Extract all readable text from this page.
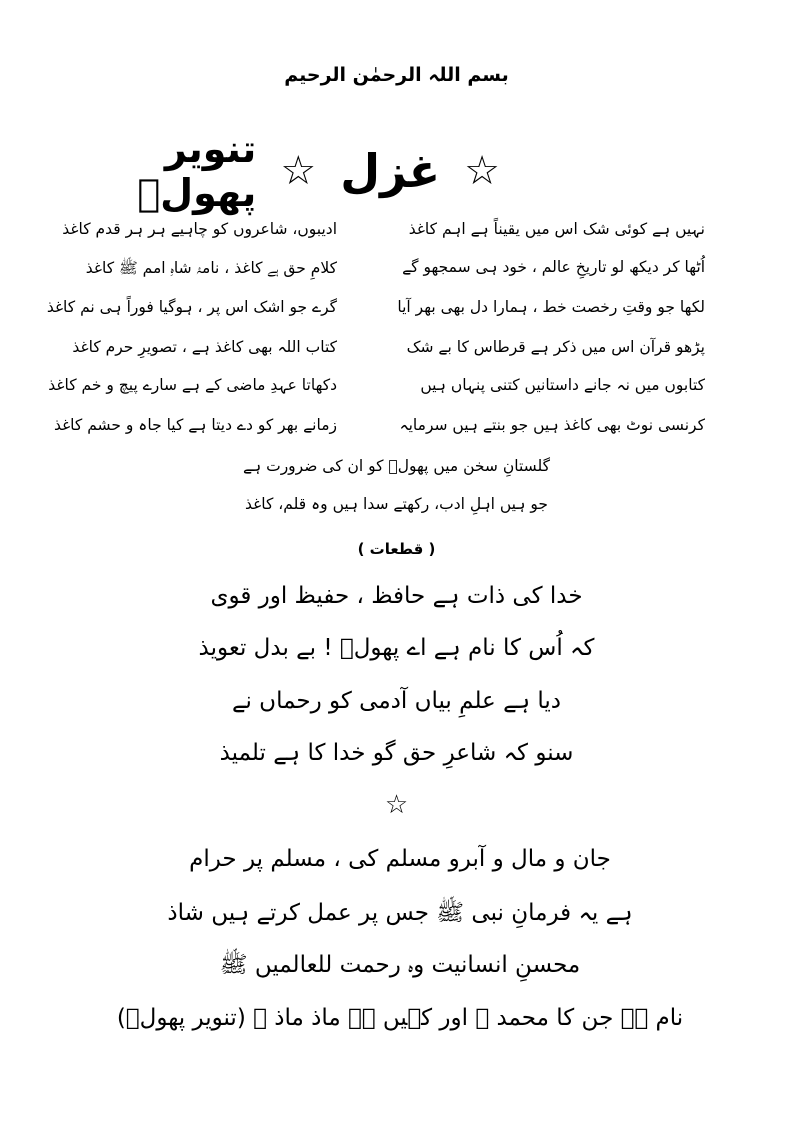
بسم اللہ الرحمٰن الرحیم
☆
غزل
☆
تنویر پھولؔ
نہیں ہے کوئی شک اس میں یقیناً ہے اہم کاغذ
ادیبوں، شاعروں کو چاہیے ہر ہر قدم کاغذ
اُٹھا کر دیکھ لو تاریخِ عالم ، خود ہی سمجھو گے
کلامِ حق ہے کاغذ ، نامۂ شاہِ امم ﷺ کاغذ
لکھا جو وقتِ رخصت خط ، ہمارا دل بھی بھر آیا
گرے جو اشک اس پر ، ہوگیا فوراً ہی نم کاغذ
پڑھو قرآن اس میں ذکر ہے قرطاس کا بے شک
کتاب اللہ بھی کاغذ ہے ، تصویرِ حرم کاغذ
کتابوں میں نہ جانے داستانیں کتنی پنہاں ہیں
دکھاتا عہدِ ماضی کے ہے سارے پیچ و خم کاغذ
کرنسی نوٹ بھی کاغذ ہیں جو بنتے ہیں سرمایہ
زمانے بھر کو دے دیتا ہے کیا جاہ و حشم کاغذ
گلستانِ سخن میں پھولؔ کو ان کی ضرورت ہے
جو ہیں اہلِ ادب، رکھتے سدا ہیں وہ قلم، کاغذ
( قطعات )
خدا کی ذات ہے حافظ ، حفیظ اور قوی
کہ اُس کا نام ہے اے پھولؔ ! بے بدل تعویذ
دیا ہے علمِ بیاں آدمی کو رحماں نے
سنو کہ شاعرِ حق گو خدا کا ہے تلمیذ
☆
جان و مال و آبرو مسلم کی ، مسلم پر حرام
ہے یہ فرمانِ نبی ﷺ جس پر عمل کرتے ہیں شاذ
محسنِ انسانیت وہ رحمت للعالمیں ﷺ
نام ہے جن کا محمد ﷺ اور کہیں ہے ماذ ماذ ﷺ (تنویر پھولؔ)
